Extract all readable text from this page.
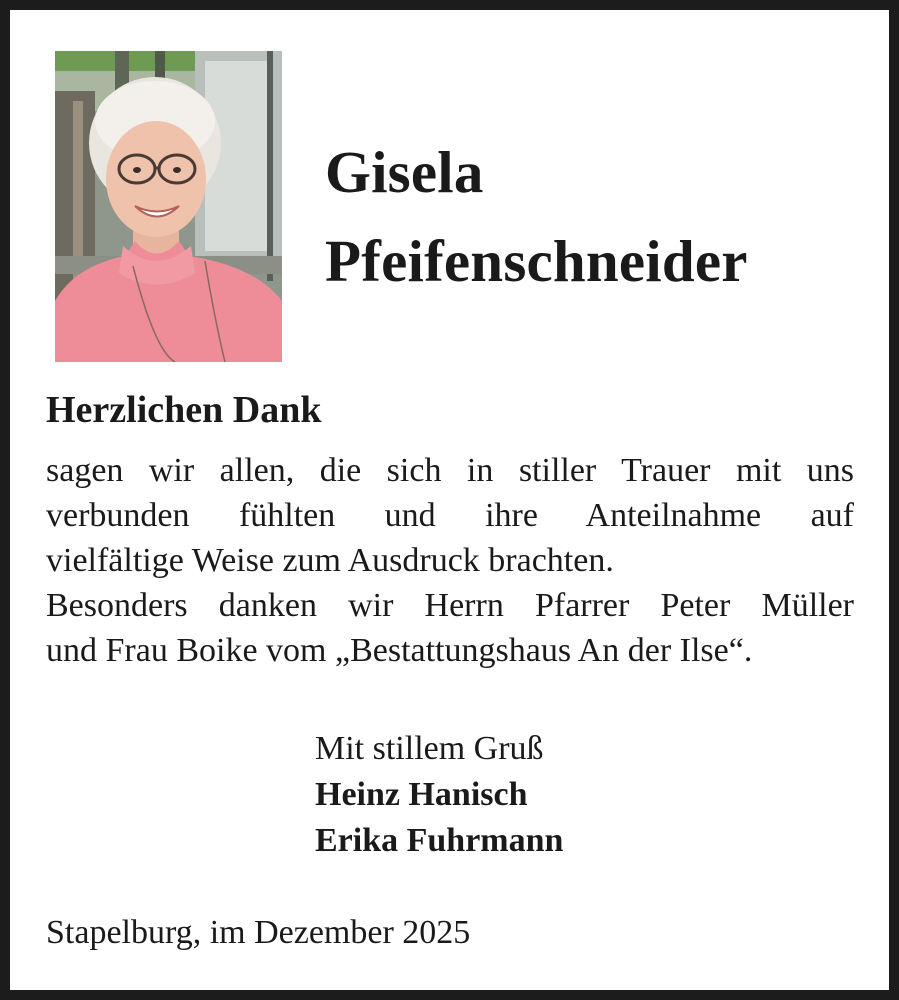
Gisela
Pfeifenschneider
Herzlichen Dank
sagen wir allen, die sich in stiller Trauer mit uns
verbunden fühlten und ihre Anteilnahme auf
vielfältige Weise zum Ausdruck brachten.
Besonders danken wir Herrn Pfarrer Peter Müller
und Frau Boike vom „Bestattungshaus An der Ilse“.
Mit stillem Gruß
Heinz Hanisch
Erika Fuhrmann
Stapelburg, im Dezember 2025
